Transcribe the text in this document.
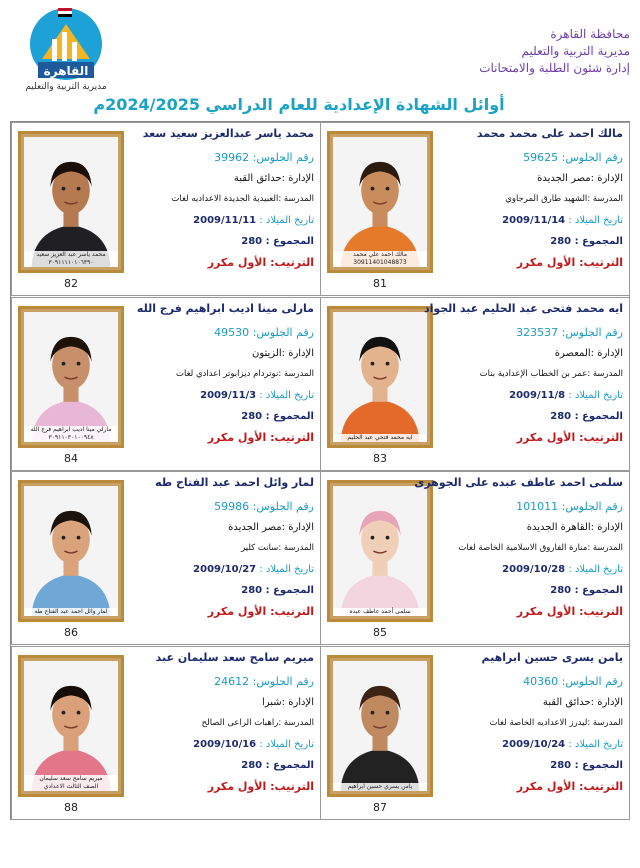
القاهرة
مديرية التربية والتعليم
محافظة القاهرة
مديرية التربية والتعليم
إدارة شئون الطلبة والامتحانات
أوائل الشهادة الإعدادية للعام الدراسي 2024/2025م
مالك احمد علي محمد
30911401048873
81
مالك احمد على محمد محمد
رقم الجلوس: 59625
الإدارة :مصر الجديدة
المدرسة :الشهيد طارق المرجاوي
تاريخ الميلاد : 2009/11/14
المجموع : 280
الترتيب: الأول مكرر
محمد ياسر عبد العزيز سعيد
٣٠٩١١١١٠١٠٦٣٩٠
82
محمد ياسر عبدالعزيز سعيد سعد
رقم الجلوس: 39962
الإدارة :حدائق القبة
المدرسة :العبيدية الجديدة الاعداديه لغات
تاريخ الميلاد : 2009/11/11
المجموع : 280
الترتيب: الأول مكرر
ايه محمد فتحي عبد الحليم
83
ايه محمد فتحى عبد الحليم عبد الجواد
رقم الجلوس: 323537
الإدارة :المعصرة
المدرسة :عمر بن الخطاب الإعدادية بنات
تاريخ الميلاد : 2009/11/8
المجموع : 280
الترتيب: الأول مكرر
مارلي مينا اديب ابراهيم فرج الله
٣٠٩١١٠٣٠١٠٠٩٤٨
84
مارلى مينا اديب ابراهيم فرج الله
رقم الجلوس: 49530
الإدارة :الزيتون
المدرسة :نوتردام ديزابوتر اعدادي لغات
تاريخ الميلاد : 2009/11/3
المجموع : 280
الترتيب: الأول مكرر
سلمى أحمد عاطف عبده
85
سلمى احمد عاطف عبده على الجوهرى
رقم الجلوس: 101011
الإدارة :القاهرة الجديدة
المدرسة :منارة الفاروق الاسلامية الخاصة لغات
تاريخ الميلاد : 2009/10/28
المجموع : 280
الترتيب: الأول مكرر
لمار وائل احمد عبد الفتاح طه
86
لمار وائل احمد عبد الفتاح طه
رقم الجلوس: 59986
الإدارة :مصر الجديدة
المدرسة :سانت كلير
تاريخ الميلاد : 2009/10/27
المجموع : 280
الترتيب: الأول مكرر
يامن يسري حسين ابراهيم
87
يامن يسرى حسين ابراهيم
رقم الجلوس: 40360
الإدارة :حدائق القبة
المدرسة :ليدرز الاعداديه الخاصة لغات
تاريخ الميلاد : 2009/10/24
المجموع : 280
الترتيب: الأول مكرر
ميريم سامح سعد سليمان
الصف الثالث الاعدادي
88
ميريم سامح سعد سليمان عبد
رقم الجلوس: 24612
الإدارة :شبرا
المدرسة :راهبات الراعى الصالح
تاريخ الميلاد : 2009/10/16
المجموع : 280
الترتيب: الأول مكرر
